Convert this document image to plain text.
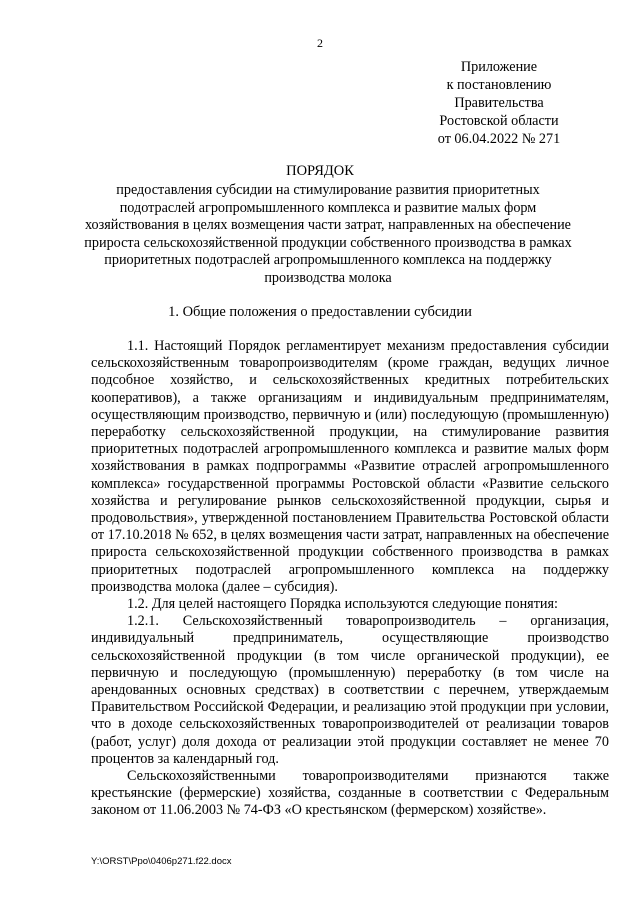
2
Приложение
к постановлению
Правительства
Ростовской области
от 06.04.2022 № 271
ПОРЯДОК
предоставления субсидии на стимулирование развития приоритетных подотраслей агропромышленного комплекса и развитие малых форм хозяйствования в целях возмещения части затрат, направленных на обеспечение прироста сельскохозяйственной продукции собственного производства в рамках приоритетных подотраслей агропромышленного комплекса на поддержку производства молока
1. Общие положения о предоставлении субсидии

1.1. Настоящий Порядок регламентирует механизм предоставления субсидии сельскохозяйственным товаропроизводителям (кроме граждан, ведущих личное подсобное хозяйство, и сельскохозяйственных кредитных потребительских кооперативов), а также организациям и индивидуальным предпринимателям, осуществляющим производство, первичную и (или) последующую (промышленную) переработку сельскохозяйственной продукции, на стимулирование развития приоритетных подотраслей агропромышленного комплекса и развитие малых форм хозяйствования в рамках подпрограммы «Развитие отраслей агропромышленного комплекса» государственной программы Ростовской области «Развитие сельского хозяйства и регулирование рынков сельскохозяйственной продукции, сырья и продовольствия», утвержденной постановлением Правительства Ростовской области от 17.10.2018 № 652, в целях возмещения части затрат, направленных на обеспечение прироста сельскохозяйственной продукции собственного производства в рамках приоритетных подотраслей агропромышленного комплекса на поддержку производства молока (далее – субсидия).

1.2. Для целей настоящего Порядка используются следующие понятия:

1.2.1. Сельскохозяйственный товаропроизводитель – организация, индивидуальный предприниматель, осуществляющие производство сельскохозяйственной продукции (в том числе органической продукции), ее первичную и последующую (промышленную) переработку (в том числе на арендованных основных средствах) в соответствии с перечнем, утверждаемым Правительством Российской Федерации, и реализацию этой продукции при условии, что в доходе сельскохозяйственных товаропроизводителей от реализации товаров (работ, услуг) доля дохода от реализации этой продукции составляет не менее 70 процентов за календарный год.

Сельскохозяйственными товаропроизводителями признаются также крестьянские (фермерские) хозяйства, созданные в соответствии с Федеральным законом от 11.06.2003 № 74-ФЗ «О крестьянском (фермерском) хозяйстве».

Y:\ORST\Ppo\0406p271.f22.docx
